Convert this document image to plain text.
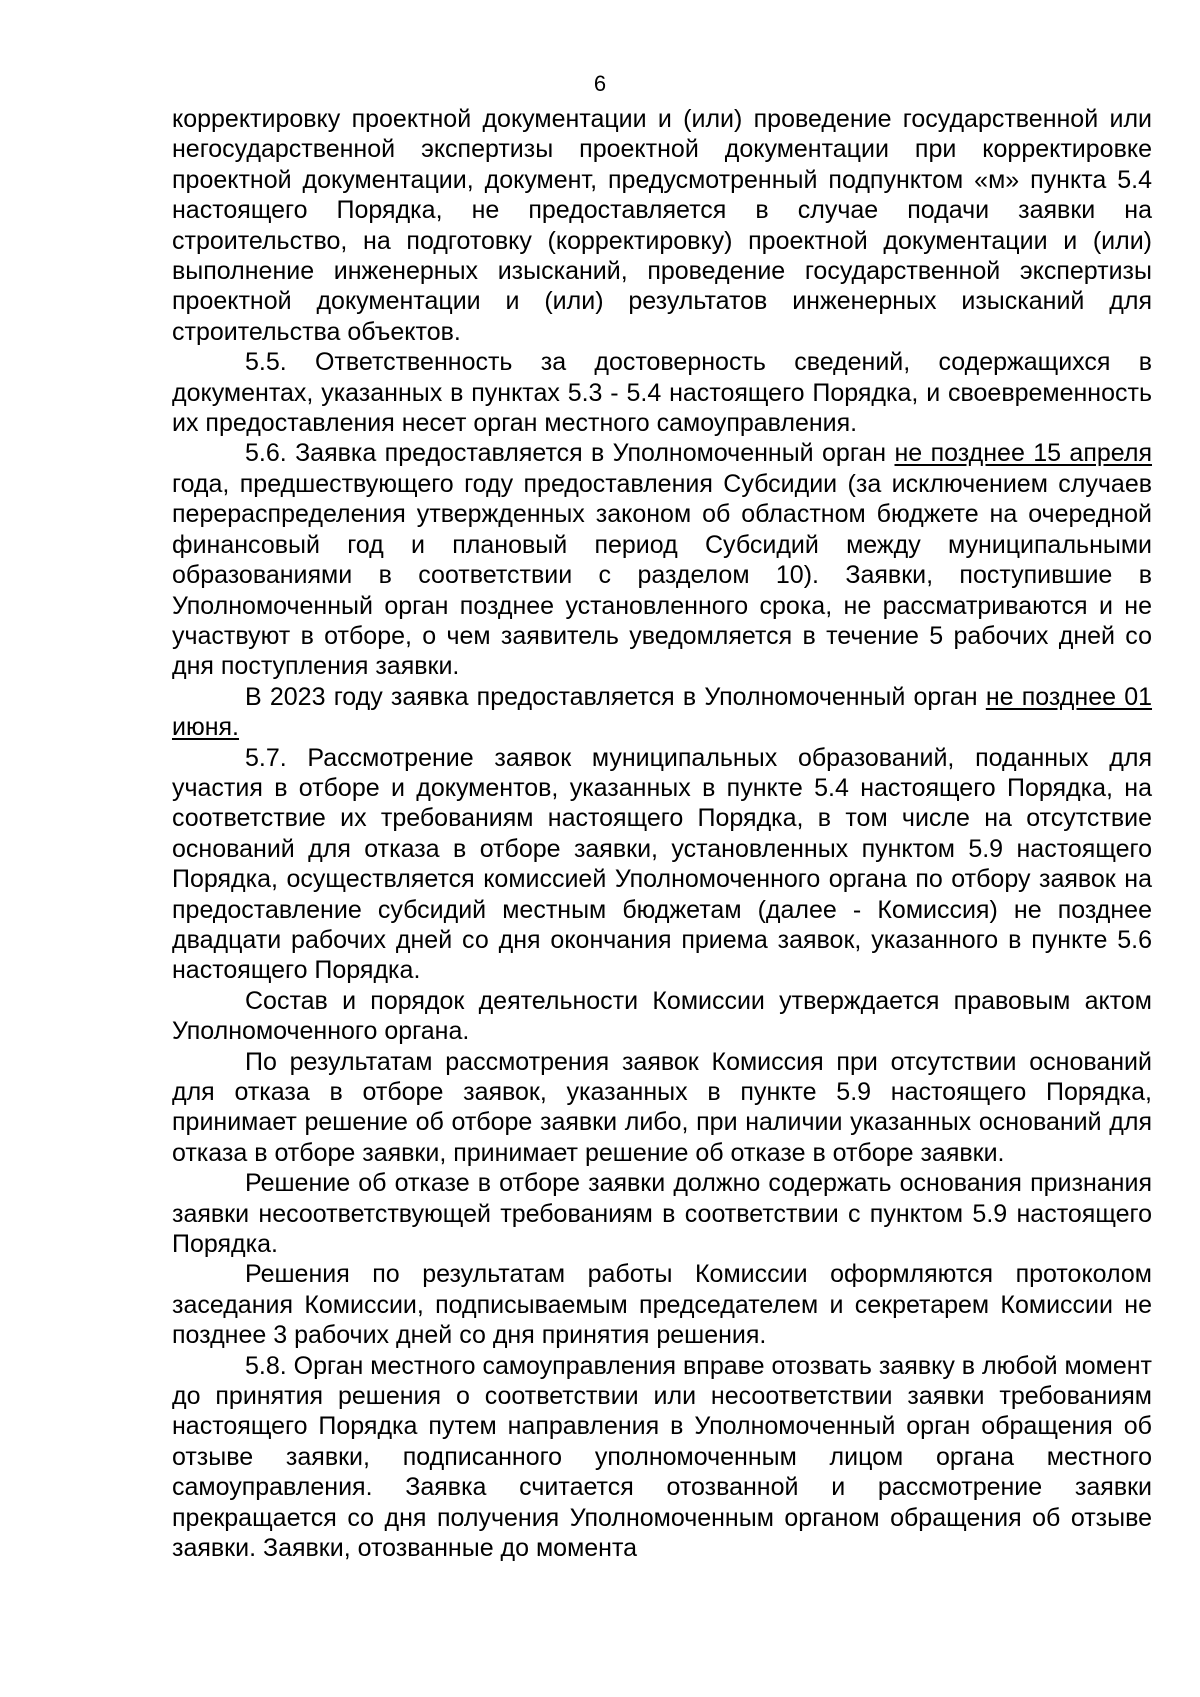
6

корректировку проектной документации и (или) проведение государственной или негосударственной экспертизы проектной документации при корректировке проектной документации, документ, предусмотренный подпунктом «м» пункта 5.4 настоящего Порядка, не предоставляется в случае подачи заявки на строительство, на подготовку (корректировку) проектной документации и (или) выполнение инженерных изысканий, проведение государственной экспертизы проектной документации и (или) результатов инженерных изысканий для строительства объектов.

5.5. Ответственность за достоверность сведений, содержащихся в документах, указанных в пунктах 5.3 - 5.4 настоящего Порядка, и своевременность их предоставления несет орган местного самоуправления.

5.6. Заявка предоставляется в Уполномоченный орган не позднее 15 апреля года, предшествующего году предоставления Субсидии (за исключением случаев перераспределения утвержденных законом об областном бюджете на очередной финансовый год и плановый период Субсидий между муниципальными образованиями в соответствии с разделом 10). Заявки, поступившие в Уполномоченный орган позднее установленного срока, не рассматриваются и не участвуют в отборе, о чем заявитель уведомляется в течение 5 рабочих дней со дня поступления заявки.

В 2023 году заявка предоставляется в Уполномоченный орган не позднее 01 июня.

5.7. Рассмотрение заявок муниципальных образований, поданных для участия в отборе и документов, указанных в пункте 5.4 настоящего Порядка, на соответствие их требованиям настоящего Порядка, в том числе на отсутствие оснований для отказа в отборе заявки, установленных пунктом 5.9 настоящего Порядка, осуществляется комиссией Уполномоченного органа по отбору заявок на предоставление субсидий местным бюджетам (далее - Комиссия) не позднее двадцати рабочих дней со дня окончания приема заявок, указанного в пункте 5.6 настоящего Порядка.

Состав и порядок деятельности Комиссии утверждается правовым актом Уполномоченного органа.

По результатам рассмотрения заявок Комиссия при отсутствии оснований для отказа в отборе заявок, указанных в пункте 5.9 настоящего Порядка, принимает решение об отборе заявки либо, при наличии указанных оснований для отказа в отборе заявки, принимает решение об отказе в отборе заявки.

Решение об отказе в отборе заявки должно содержать основания признания заявки несоответствующей требованиям в соответствии с пунктом 5.9 настоящего Порядка.

Решения по результатам работы Комиссии оформляются протоколом заседания Комиссии, подписываемым председателем и секретарем Комиссии не позднее 3 рабочих дней со дня принятия решения.

5.8. Орган местного самоуправления вправе отозвать заявку в любой момент до принятия решения о соответствии или несоответствии заявки требованиям настоящего Порядка путем направления в Уполномоченный орган обращения об отзыве заявки, подписанного уполномоченным лицом органа местного самоуправления. Заявка считается отозванной и рассмотрение заявки прекращается со дня получения Уполномоченным органом обращения об отзыве заявки. Заявки, отозванные до момента
